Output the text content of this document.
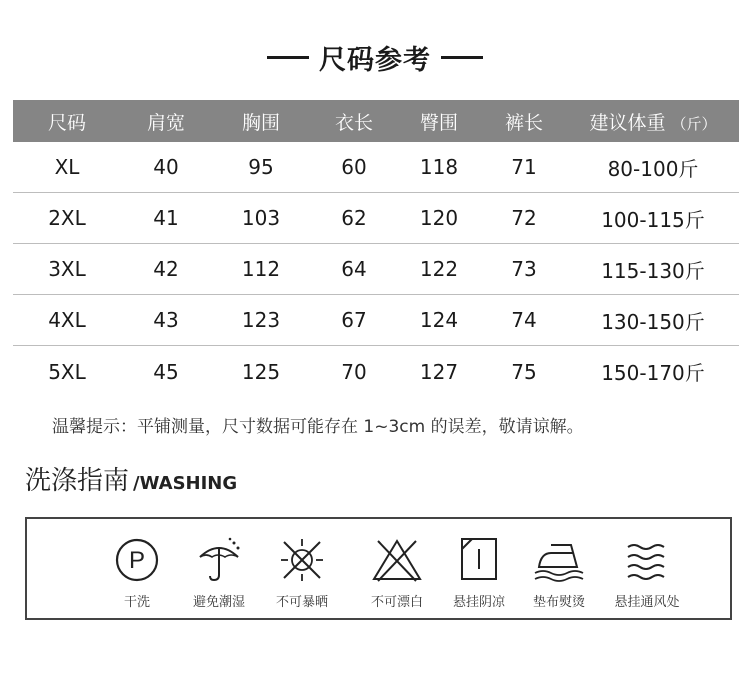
尺码参考
尺码	肩宽	胸围	衣长	臀围	裤长	建议体重 （斤）
XL	40	95	60	118	71	80-100斤
2XL	41	103	62	120	72	100-115斤
3XL	42	112	64	122	73	115-130斤
4XL	43	123	67	124	74	130-150斤
5XL	45	125	70	127	75	150-170斤
温馨提示：平铺测量，尺寸数据可能存在 1~3cm 的误差，敬请谅解。
洗涤指南 /WASHING
P
干洗	避免潮湿	不可暴晒	不可漂白	悬挂阴凉	垫布熨烫	悬挂通风处
